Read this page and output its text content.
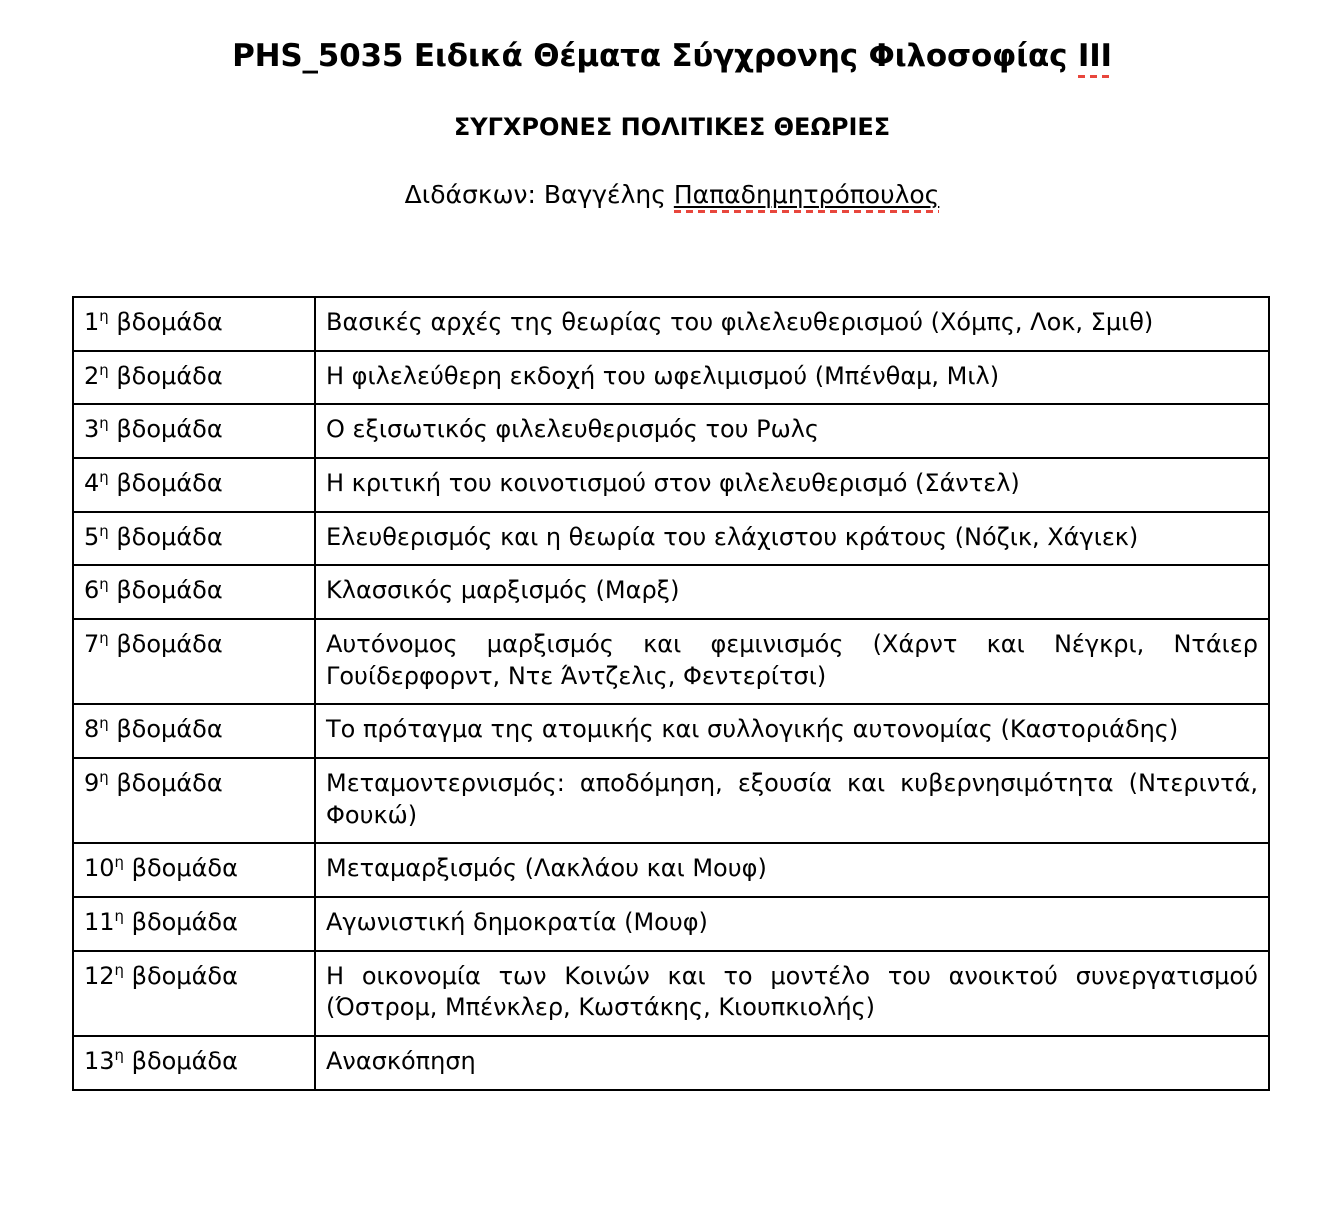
PHS_5035 Ειδικά Θέματα Σύγχρονης Φιλοσοφίας ΙΙΙ
ΣΥΓΧΡΟΝΕΣ ΠΟΛΙΤΙΚΕΣ ΘΕΩΡΙΕΣ

Διδάσκων: Βαγγέλης Παπαδημητρόπουλος

$1^\eta$ βδομάδα	Βασικές αρχές της θεωρίας του φιλελευθερισμού (Χόμπς, Λοκ, Σμιθ)
$2^\eta$ βδομάδα	Η φιλελεύθερη εκδοχή του ωφελιμισμού (Μπένθαμ, Μιλ)
$3^\eta$ βδομάδα	Ο εξισωτικός φιλελευθερισμός του Ρωλς
$4^\eta$ βδομάδα	Η κριτική του κοινοτισμού στον φιλελευθερισμό (Σάντελ)
$5^\eta$ βδομάδα	Ελευθερισμός και η θεωρία του ελάχιστου κράτους (Νόζικ, Χάγιεκ)
$6^\eta$ βδομάδα	Κλασσικός μαρξισμός (Μαρξ)
$7^\eta$ βδομάδα	Αυτόνομος μαρξισμός και φεμινισμός (Χάρντ και Νέγκρι, Ντάιερ Γουίδερφορντ, Ντε Άντζελις, Φεντερίτσι)
$8^\eta$ βδομάδα	Το πρόταγμα της ατομικής και συλλογικής αυτονομίας (Καστοριάδης)
$9^\eta$ βδομάδα	Μεταμοντερνισμός: αποδόμηση, εξουσία και κυβερνησιμότητα (Ντεριντά, Φουκώ)
$10^\eta$ βδομάδα	Μεταμαρξισμός (Λακλάου και Μουφ)
$11^\eta$ βδομάδα	Αγωνιστική δημοκρατία (Μουφ)
$12^\eta$ βδομάδα	Η οικονομία των Κοινών και το μοντέλο του ανοικτού συνεργατισμού (Όστρομ, Μπένκλερ, Κωστάκης, Κιουπκιολής)
$13^\eta$ βδομάδα	Ανασκόπηση
